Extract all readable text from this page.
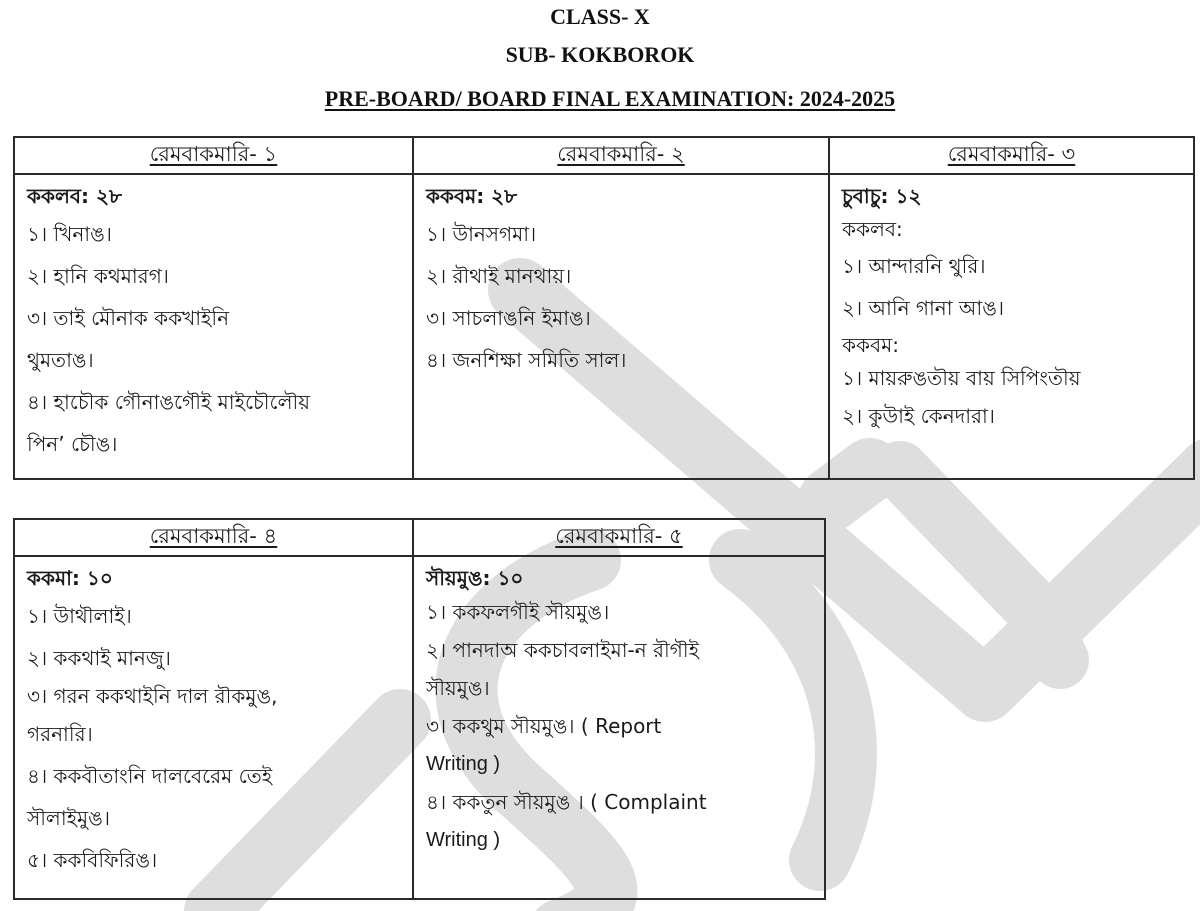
CLASS- X
SUB- KOKBOROK
PRE-BOARD/ BOARD FINAL EXAMINATION: 2024-2025
রেমবাকমারি- ১	রেমবাকমারি- ২	রেমবাকমারি- ৩

ককলব: ২৮
১। খিনাঙ।
২। হানি কথমারগ।
৩। তাই মৌনাক ককখাইনি
থুমতাঙ।
৪। হাচৌক গৌনাঙগৌই মাইচৌলৌয়
পিন’ চৌঙ।

ককবম: ২৮
১। উানসগমা।
২। রৗথাই মানথায়।
৩। সাচলাঙনি ইমাঙ।
৪। জনশিক্ষা সমিতি সাল।

চুবাচু: ১২
ককলব:
১। আন্দারনি থুরি।
২। আনি গানা আঙ।
ককবম:
১। মায়রুঙতৗয় বায় সিপিংতৗয়
২। কুউাই কেনদারা।
রেমবাকমারি- ৪	রেমবাকমারি- ৫

ককমা: ১০
১। উাথৗলাই।
২। ককথাই মানজু।
৩। গরন ককথাইনি দাল রৗকমুঙ,
গরনারি।
৪। ককবৗতাংনি দালবেরেম তেই
সৗলাইমুঙ।
৫। ককবিফিরিঙ।

সৗয়মুঙ: ১০
১। ককফলগৗই সৗয়মুঙ।
২। পানদাঅ ককচাবলাইমা-ন রৗগৗই
সৗয়মুঙ।
৩। ককথুম সৗয়মুঙ। ( Report
Writing )
৪। ককতুন সৗয়মুঙ । ( Complaint
Writing )
